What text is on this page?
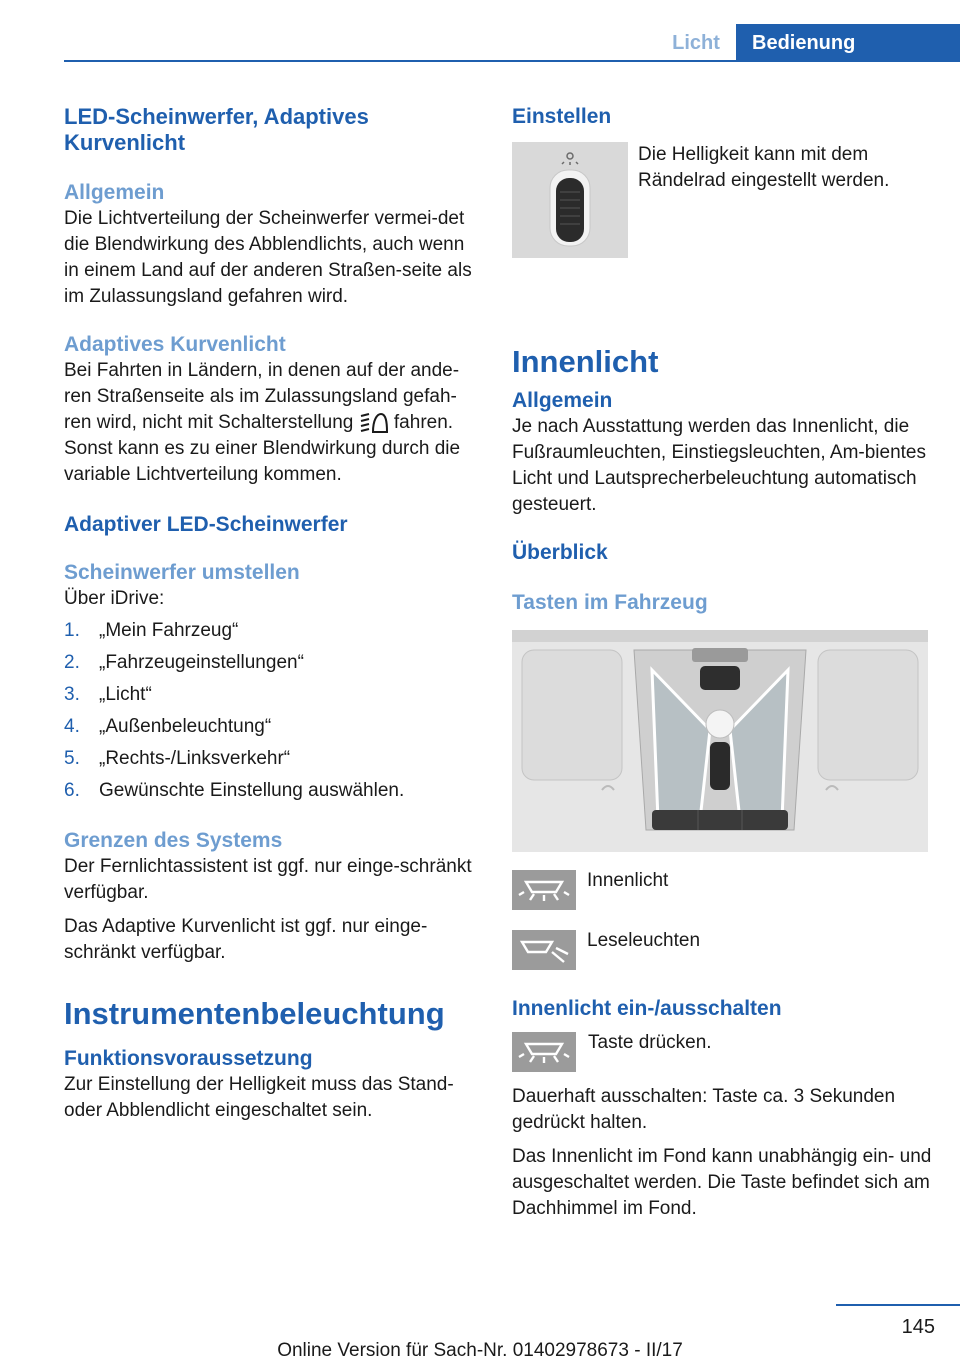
Licht	Bedienung
LED-Scheinwerfer, Adaptives Kurvenlicht
Allgemein

Die Lichtverteilung der Scheinwerfer vermei-det die Blendwirkung des Abblendlichts, auch wenn in einem Land auf der anderen Straßen-seite als im Zulassungsland gefahren wird.

Adaptives Kurvenlicht

Bei Fahrten in Ländern, in denen auf der ande-ren Straßenseite als im Zulassungsland gefah-ren wird, nicht mit Schalterstellung fahren. Sonst kann es zu einer Blendwirkung durch die variable Lichtverteilung kommen.

Adaptiver LED-Scheinwerfer
Scheinwerfer umstellen

Über iDrive:

1.	„Mein Fahrzeug“
2.	„Fahrzeugeinstellungen“
3.	„Licht“
4.	„Außenbeleuchtung“
5.	„Rechts-/Linksverkehr“
6.	Gewünschte Einstellung auswählen.
Grenzen des Systems

Der Fernlichtassistent ist ggf. nur einge-schränkt verfügbar.

Das Adaptive Kurvenlicht ist ggf. nur einge-schränkt verfügbar.

Instrumentenbeleuchtung
Funktionsvoraussetzung

Zur Einstellung der Helligkeit muss das Stand- oder Abblendlicht eingeschaltet sein.

Einstellen

Die Helligkeit kann mit dem Rändelrad eingestellt werden.

Innenlicht
Allgemein

Je nach Ausstattung werden das Innenlicht, die Fußraumleuchten, Einstiegsleuchten, Am-bientes Licht und Lautsprecherbeleuchtung automatisch gesteuert.

Überblick
Tasten im Fahrzeug
Innenlicht
Leseleuchten
Innenlicht ein-/ausschalten
Taste drücken.

Dauerhaft ausschalten: Taste ca. 3 Sekunden gedrückt halten.

Das Innenlicht im Fond kann unabhängig ein- und ausgeschaltet werden. Die Taste befindet sich am Dachhimmel im Fond.

145
Online Version für Sach-Nr. 01402978673 - II/17
